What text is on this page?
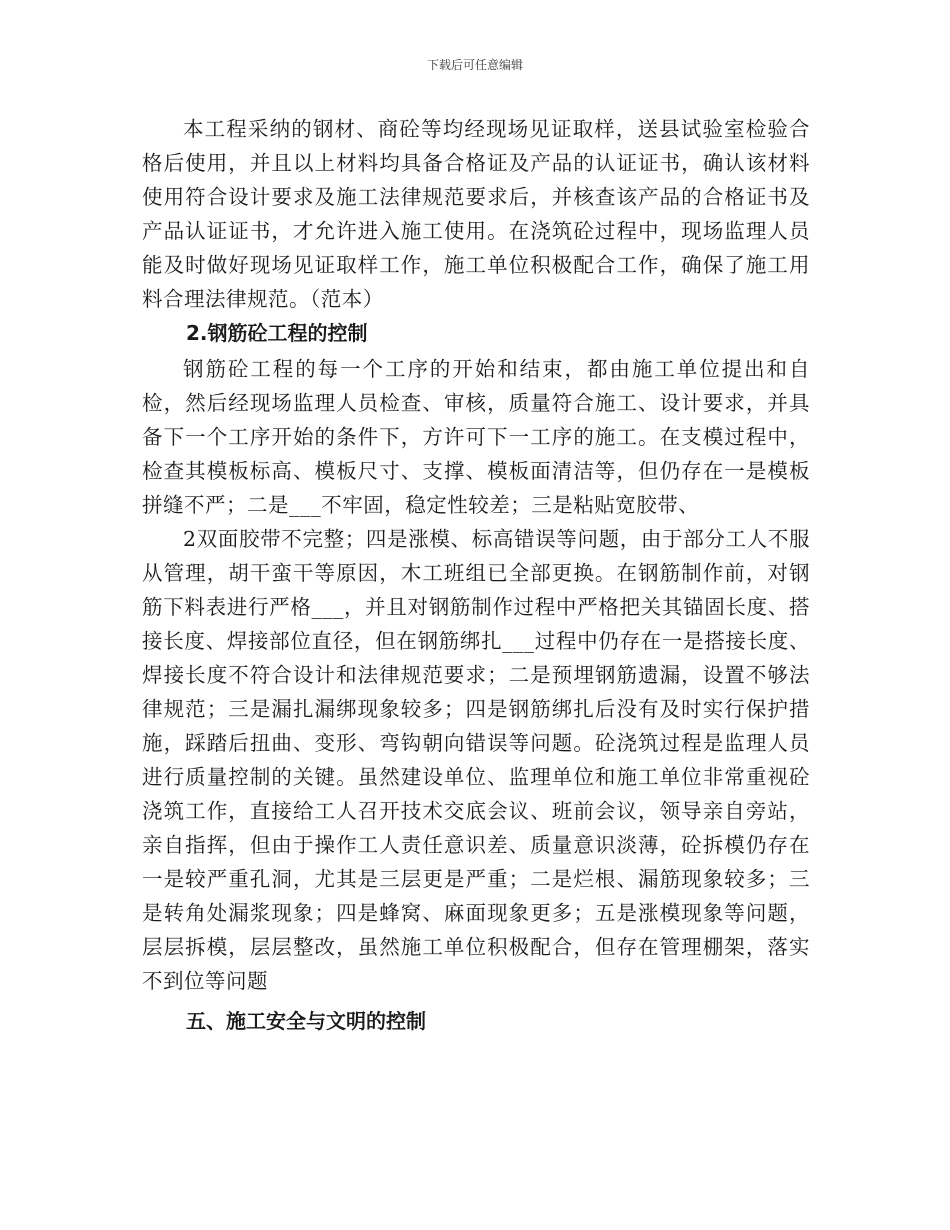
下载后可任意编辑

本工程采纳的钢材、商砼等均经现场见证取样，送县试验室检验合格后使用，并且以上材料均具备合格证及产品的认证证书，确认该材料使用符合设计要求及施工法律规范要求后，并核查该产品的合格证书及产品认证证书，才允许进入施工使用。在浇筑砼过程中，现场监理人员能及时做好现场见证取样工作，施工单位积极配合工作，确保了施工用料合理法律规范。（范本）

2.钢筋砼工程的控制

钢筋砼工程的每一个工序的开始和结束，都由施工单位提出和自检，然后经现场监理人员检查、审核，质量符合施工、设计要求，并具备下一个工序开始的条件下，方许可下一工序的施工。在支模过程中，检查其模板标高、模板尺寸、支撑、模板面清洁等，但仍存在一是模板拼缝不严；二是___不牢固，稳定性较差；三是粘贴宽胶带、

2双面胶带不完整；四是涨模、标高错误等问题，由于部分工人不服从管理，胡干蛮干等原因，木工班组已全部更换。在钢筋制作前，对钢筋下料表进行严格___，并且对钢筋制作过程中严格把关其锚固长度、搭接长度、焊接部位直径，但在钢筋绑扎___过程中仍存在一是搭接长度、焊接长度不符合设计和法律规范要求；二是预埋钢筋遗漏，设置不够法律规范；三是漏扎漏绑现象较多；四是钢筋绑扎后没有及时实行保护措施，踩踏后扭曲、变形、弯钩朝向错误等问题。砼浇筑过程是监理人员进行质量控制的关键。虽然建设单位、监理单位和施工单位非常重视砼浇筑工作，直接给工人召开技术交底会议、班前会议，领导亲自旁站，亲自指挥，但由于操作工人责任意识差、质量意识淡薄，砼拆模仍存在一是较严重孔洞，尤其是三层更是严重；二是烂根、漏筋现象较多；三是转角处漏浆现象；四是蜂窝、麻面现象更多；五是涨模现象等问题，层层拆模，层层整改，虽然施工单位积极配合，但存在管理棚架，落实不到位等问题

五、施工安全与文明的控制
